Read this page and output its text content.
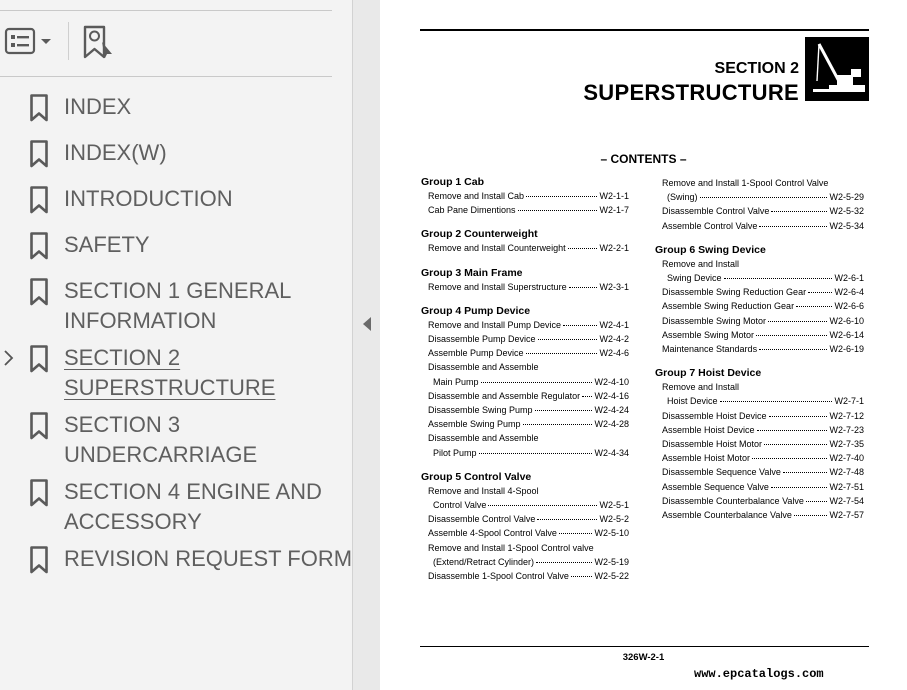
INDEX
INDEX(W)
INTRODUCTION
SAFETY
SECTION 1 GENERAL
INFORMATION
SECTION 2
SUPERSTRUCTURE
SECTION 3
UNDERCARRIAGE
SECTION 4 ENGINE AND
ACCESSORY
REVISION REQUEST FORM
SECTION 2
SUPERSTRUCTURE
– CONTENTS –
Group 1 Cab
Remove and Install Cab	W2-1-1
Cab Pane Dimentions	W2-1-7
Group 2 Counterweight
Remove and Install Counterweight	W2-2-1
Group 3 Main Frame
Remove and Install Superstructure	W2-3-1
Group 4 Pump Device
Remove and Install Pump Device	W2-4-1
Disassemble Pump Device	W2-4-2
Assemble Pump Device	W2-4-6
Disassemble and Assemble
Main Pump	W2-4-10
Disassemble and Assemble Regulator W2-4-16
Disassemble Swing Pump	W2-4-24
Assemble Swing Pump	W2-4-28
Disassemble and Assemble
Pilot Pump	W2-4-34
Group 5 Control Valve
Remove and Install 4-Spool
Control Valve	W2-5-1
Disassemble Control Valve	W2-5-2
Assemble 4-Spool Control Valve	W2-5-10
Remove and Install 1-Spool Control valve
(Extend/Retract Cylinder)	W2-5-19
Disassemble 1-Spool Control Valve	W2-5-22
Remove and Install 1-Spool Control Valve
(Swing)	W2-5-29
Disassemble Control Valve	W2-5-32
Assemble Control Valve	W2-5-34
Group 6 Swing Device
Remove and Install
Swing Device	W2-6-1
Disassemble Swing Reduction Gear	W2-6-4
Assemble Swing Reduction Gear	W2-6-6
Disassemble Swing Motor	W2-6-10
Assemble Swing Motor	W2-6-14
Maintenance Standards	W2-6-19
Group 7 Hoist Device
Remove and Install
Hoist Device	W2-7-1
Disassemble Hoist Device	W2-7-12
Assemble Hoist Device	W2-7-23
Disassemble Hoist Motor	W2-7-35
Assemble Hoist Motor	W2-7-40
Disassemble Sequence Valve	W2-7-48
Assemble Sequence Valve	W2-7-51
Disassemble Counterbalance Valve	W2-7-54
Assemble Counterbalance Valve	W2-7-57
326W-2-1
www.epcatalogs.com
